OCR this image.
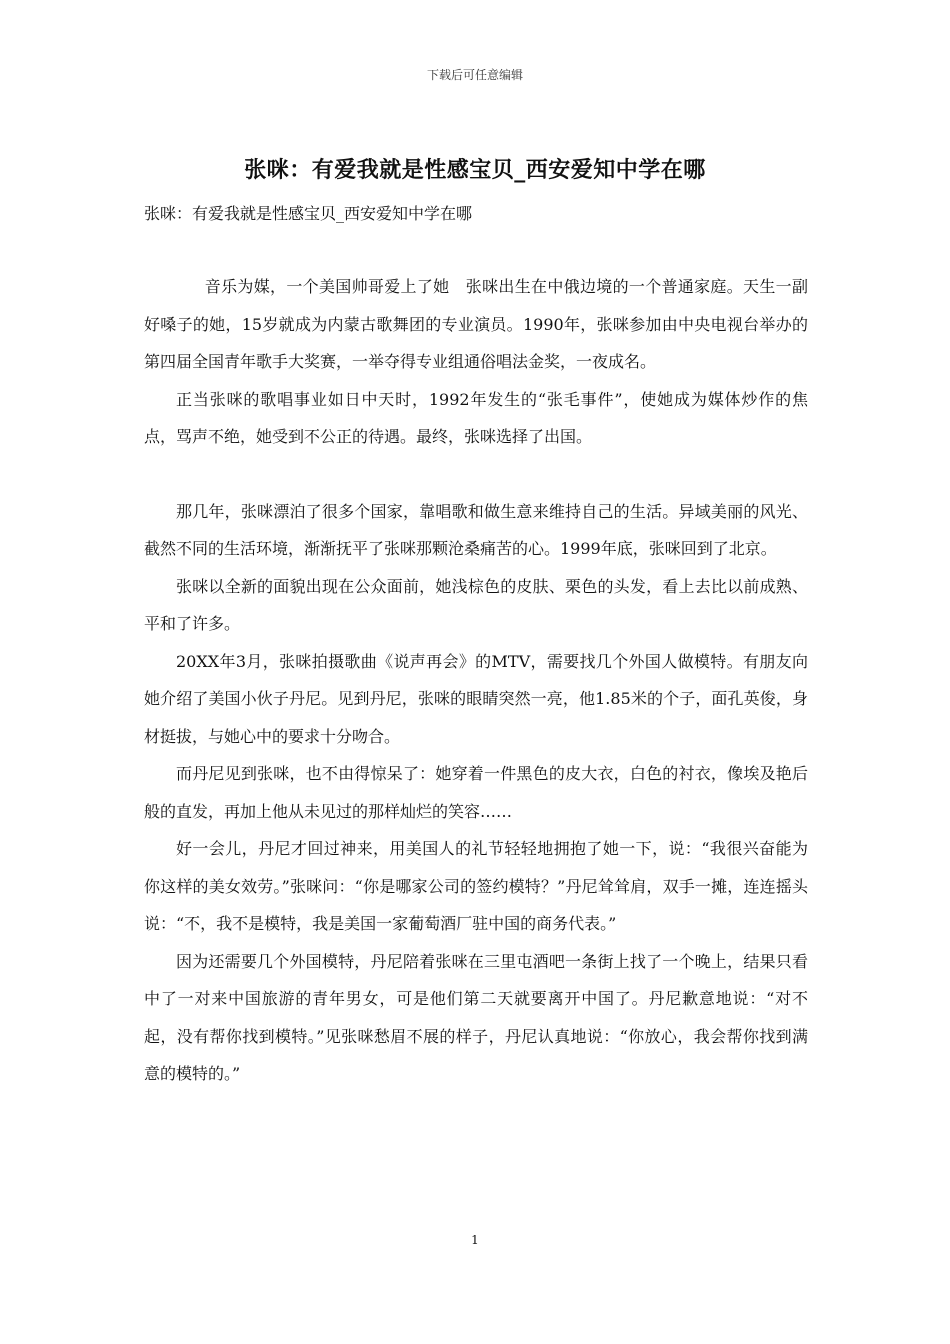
下载后可任意编辑
张咪：有爱我就是性感宝贝_西安爱知中学在哪

张咪：有爱我就是性感宝贝_西安爱知中学在哪

音乐为媒，一个美国帅哥爱上了她　张咪出生在中俄边境的一个普通家庭。天生一副好嗓子的她，15岁就成为内蒙古歌舞团的专业演员。1990年，张咪参加由中央电视台举办的第四届全国青年歌手大奖赛，一举夺得专业组通俗唱法金奖，一夜成名。

正当张咪的歌唱事业如日中天时，1992年发生的“张毛事件”，使她成为媒体炒作的焦点，骂声不绝，她受到不公正的待遇。最终，张咪选择了出国。

那几年，张咪漂泊了很多个国家，靠唱歌和做生意来维持自己的生活。异域美丽的风光、截然不同的生活环境，渐渐抚平了张咪那颗沧桑痛苦的心。1999年底，张咪回到了北京。

张咪以全新的面貌出现在公众面前，她浅棕色的皮肤、栗色的头发，看上去比以前成熟、平和了许多。

20XX年3月，张咪拍摄歌曲《说声再会》的MTV，需要找几个外国人做模特。有朋友向她介绍了美国小伙子丹尼。见到丹尼，张咪的眼睛突然一亮，他1.85米的个子，面孔英俊，身材挺拔，与她心中的要求十分吻合。

而丹尼见到张咪，也不由得惊呆了：她穿着一件黑色的皮大衣，白色的衬衣，像埃及艳后般的直发，再加上他从未见过的那样灿烂的笑容……

好一会儿，丹尼才回过神来，用美国人的礼节轻轻地拥抱了她一下，说：“我很兴奋能为你这样的美女效劳。”张咪问：“你是哪家公司的签约模特？”丹尼耸耸肩，双手一摊，连连摇头说：“不，我不是模特，我是美国一家葡萄酒厂驻中国的商务代表。”

因为还需要几个外国模特，丹尼陪着张咪在三里屯酒吧一条街上找了一个晚上，结果只看中了一对来中国旅游的青年男女，可是他们第二天就要离开中国了。丹尼歉意地说：“对不起，没有帮你找到模特。”见张咪愁眉不展的样子，丹尼认真地说：“你放心，我会帮你找到满意的模特的。”

1
